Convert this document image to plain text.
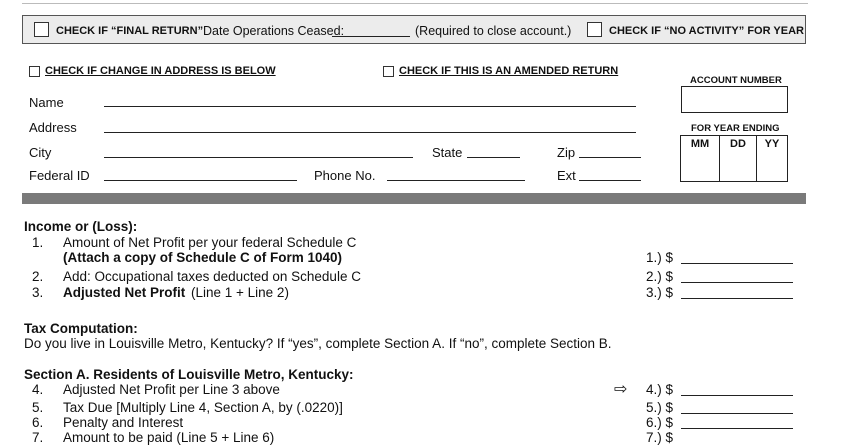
CHECK IF “FINAL RETURN” Date Operations Ceased:	(Required to close account.)	CHECK IF “NO ACTIVITY” FOR YEAR
CHECK IF CHANGE IN ADDRESS IS BELOW	CHECK IF THIS IS AN AMENDED RETURN
ACCOUNT NUMBER
FOR YEAR ENDING
MM	DD	YY
Name
Address
City	State	Zip
Federal ID	Phone No.	Ext
Income or (Loss):
1. Amount of Net Profit per your federal Schedule C
(Attach a copy of Schedule C of Form 1040)	1.) $
2. Add: Occupational taxes deducted on Schedule C	2.) $
3. Adjusted Net Profit (Line 1 + Line 2)	3.) $
Tax Computation:
Do you live in Louisville Metro, Kentucky? If “yes”, complete Section A. If “no”, complete Section B.
Section A. Residents of Louisville Metro, Kentucky:
4. Adjusted Net Profit per Line 3 above	⇨ 4.) $
5. Tax Due [Multiply Line 4, Section A, by (.0220)]	5.) $
6. Penalty and Interest	6.) $
7. Amount to be paid (Line 5 + Line 6)	7.) $
